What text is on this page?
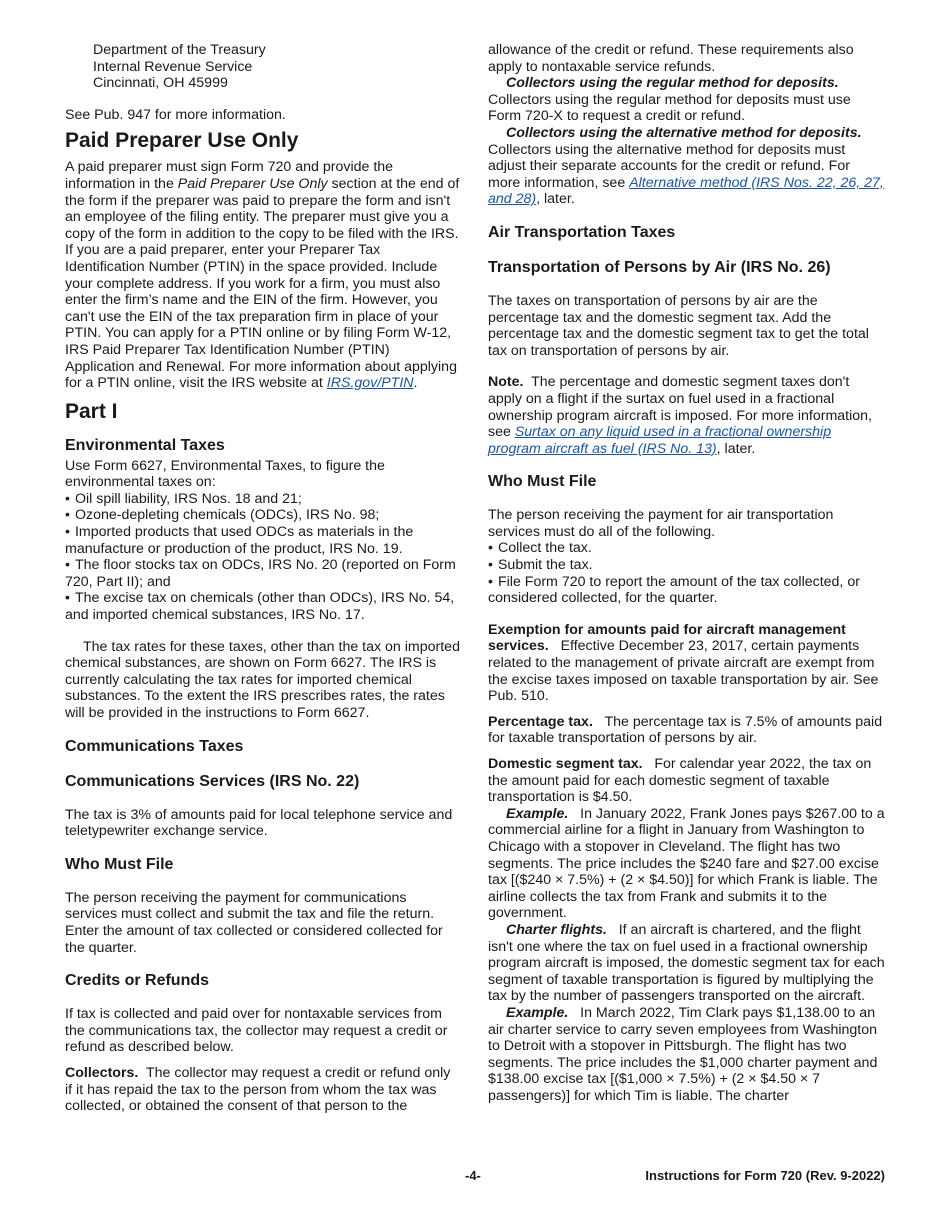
Department of the Treasury

Internal Revenue Service

Cincinnati, OH 45999

See Pub. 947 for more information.

Paid Preparer Use Only

A paid preparer must sign Form 720 and provide the information in the Paid Preparer Use Only section at the end of the form if the preparer was paid to prepare the form and isn't an employee of the filing entity. The preparer must give you a copy of the form in addition to the copy to be filed with the IRS. If you are a paid preparer, enter your Preparer Tax Identification Number (PTIN) in the space provided. Include your complete address. If you work for a firm, you must also enter the firm’s name and the EIN of the firm. However, you can't use the EIN of the tax preparation firm in place of your PTIN. You can apply for a PTIN online or by filing Form W-12, IRS Paid Preparer Tax Identification Number (PTIN) Application and Renewal. For more information about applying for a PTIN online, visit the IRS website at IRS.gov/PTIN.

Part I
Environmental Taxes

Use Form 6627, Environmental Taxes, to figure the environmental taxes on:

• Oil spill liability, IRS Nos. 18 and 21;
• Ozone-depleting chemicals (ODCs), IRS No. 98;
• Imported products that used ODCs as materials in the manufacture or production of the product, IRS No. 19.
• The floor stocks tax on ODCs, IRS No. 20 (reported on Form 720, Part II); and
• The excise tax on chemicals (other than ODCs), IRS No. 54, and imported chemical substances, IRS No. 17.

The tax rates for these taxes, other than the tax on imported chemical substances, are shown on Form 6627. The IRS is currently calculating the tax rates for imported chemical substances. To the extent the IRS prescribes rates, the rates will be provided in the instructions to Form 6627.

Communications Taxes
Communications Services (IRS No. 22)

The tax is 3% of amounts paid for local telephone service and teletypewriter exchange service.

Who Must File

The person receiving the payment for communications services must collect and submit the tax and file the return. Enter the amount of tax collected or considered collected for the quarter.

Credits or Refunds

If tax is collected and paid over for nontaxable services from the communications tax, the collector may request a credit or refund as described below.

Collectors. The collector may request a credit or refund only if it has repaid the tax to the person from whom the tax was collected, or obtained the consent of that person to the

allowance of the credit or refund. These requirements also apply to nontaxable service refunds.

Collectors using the regular method for deposits.

Collectors using the regular method for deposits must use Form 720-X to request a credit or refund.

Collectors using the alternative method for deposits.

Collectors using the alternative method for deposits must adjust their separate accounts for the credit or refund. For more information, see Alternative method (IRS Nos. 22, 26, 27, and 28), later.

Air Transportation Taxes
Transportation of Persons by Air (IRS No. 26)

The taxes on transportation of persons by air are the percentage tax and the domestic segment tax. Add the percentage tax and the domestic segment tax to get the total tax on transportation of persons by air.

Note. The percentage and domestic segment taxes don't apply on a flight if the surtax on fuel used in a fractional ownership program aircraft is imposed. For more information, see Surtax on any liquid used in a fractional ownership program aircraft as fuel (IRS No. 13), later.

Who Must File

The person receiving the payment for air transportation services must do all of the following.

• Collect the tax.
• Submit the tax.
• File Form 720 to report the amount of the tax collected, or considered collected, for the quarter.

Exemption for amounts paid for aircraft management services. Effective December 23, 2017, certain payments related to the management of private aircraft are exempt from the excise taxes imposed on taxable transportation by air. See Pub. 510.

Percentage tax. The percentage tax is 7.5% of amounts paid for taxable transportation of persons by air.

Domestic segment tax. For calendar year 2022, the tax on the amount paid for each domestic segment of taxable transportation is $4.50.

Example. In January 2022, Frank Jones pays $267.00 to a commercial airline for a flight in January from Washington to Chicago with a stopover in Cleveland. The flight has two segments. The price includes the $240 fare and $27.00 excise tax [($240 × 7.5%) + (2 × $4.50)] for which Frank is liable. The airline collects the tax from Frank and submits it to the government.

Charter flights. If an aircraft is chartered, and the flight isn't one where the tax on fuel used in a fractional ownership program aircraft is imposed, the domestic segment tax for each segment of taxable transportation is figured by multiplying the tax by the number of passengers transported on the aircraft.

Example. In March 2022, Tim Clark pays $1,138.00 to an air charter service to carry seven employees from Washington to Detroit with a stopover in Pittsburgh. The flight has two segments. The price includes the $1,000 charter payment and $138.00 excise tax [($1,000 × 7.5%) + (2 × $4.50 × 7 passengers)] for which Tim is liable. The charter

-4-	Instructions for Form 720 (Rev. 9-2022)
